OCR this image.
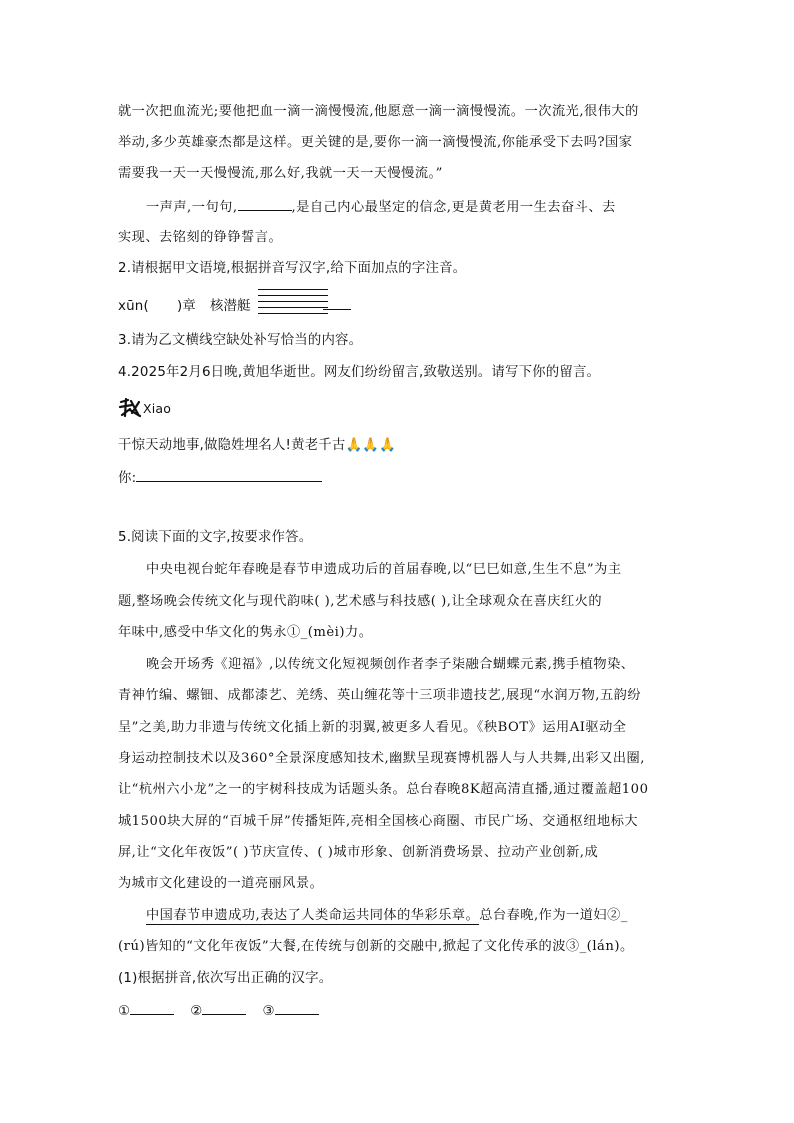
就一次把血流光;要他把血一滴一滴慢慢流,他愿意一滴一滴慢慢流。一次流光,很伟大的
举动,多少英雄豪杰都是这样。更关键的是,要你一滴一滴慢慢流,你能承受下去吗?国家
需要我一天一天慢慢流,那么好,我就一天一天慢慢流。”
一声声,一句句,	,是自己内心最坚定的信念,更是黄老用一生去奋斗、去
实现、去铭刻的铮铮誓言。
2.请根据甲文语境,根据拼音写汉字,给下面加点的字注音。
xūn( )章 核潜艇
3.请为乙文横线空缺处补写恰当的内容。
4.2025年2月6日晚,黄旭华逝世。网友们纷纷留言,致敬送别。请写下你的留言。
Xiao
干惊天动地事,做隐姓埋名人!黄老千古🙏🙏🙏
你:
5.阅读下面的文字,按要求作答。
中央电视台蛇年春晚是春节申遗成功后的首届春晚,以“巳巳如意,生生不息”为主
题,整场晚会传统文化与现代韵味( ),艺术感与科技感( ),让全球观众在喜庆红火的
年味中,感受中华文化的隽永①_(mèi)力。
晚会开场秀《迎福》,以传统文化短视频创作者李子柒融合蝴蝶元素,携手植物染、
青神竹编、螺钿、成都漆艺、羌绣、英山缠花等十三项非遗技艺,展现“水润万物,五韵纷
呈”之美,助力非遗与传统文化插上新的羽翼,被更多人看见。《秧BOT》运用AI驱动全
身运动控制技术以及360°全景深度感知技术,幽默呈现赛博机器人与人共舞,出彩又出圈,
让“杭州六小龙”之一的宇树科技成为话题头条。总台春晚8K超高清直播,通过覆盖超100
城1500块大屏的“百城千屏”传播矩阵,亮相全国核心商圈、市民广场、交通枢纽地标大
屏,让“文化年夜饭”( )节庆宣传、( )城市形象、创新消费场景、拉动产业创新,成
为城市文化建设的一道亮丽风景。
中国春节申遗成功,表达了人类命运共同体的华彩乐章。总台春晚,作为一道妇②_
(rú)皆知的“文化年夜饭”大餐,在传统与创新的交融中,掀起了文化传承的波③_(lán)。
(1)根据拼音,依次写出正确的汉字。
①	②	③
